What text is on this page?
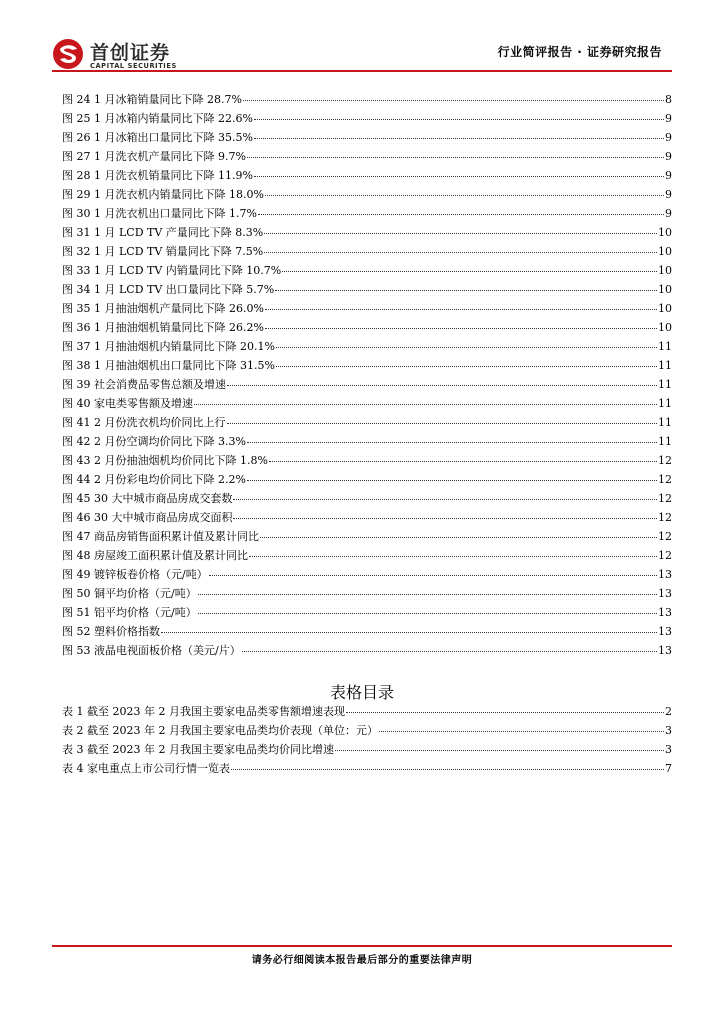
首创证券
CAPITAL SECURITIES
行业简评报告 · 证券研究报告
图 24 1 月冰箱销量同比下降 28.7%	8
图 25 1 月冰箱内销量同比下降 22.6%	9
图 26 1 月冰箱出口量同比下降 35.5%	9
图 27 1 月洗衣机产量同比下降 9.7%	9
图 28 1 月洗衣机销量同比下降 11.9%	9
图 29 1 月洗衣机内销量同比下降 18.0%	9
图 30 1 月洗衣机出口量同比下降 1.7%	9
图 31 1 月 LCD TV 产量同比下降 8.3%	10
图 32 1 月 LCD TV 销量同比下降 7.5%	10
图 33 1 月 LCD TV 内销量同比下降 10.7%	10
图 34 1 月 LCD TV 出口量同比下降 5.7%	10
图 35 1 月抽油烟机产量同比下降 26.0%	10
图 36 1 月抽油烟机销量同比下降 26.2%	10
图 37 1 月抽油烟机内销量同比下降 20.1%	11
图 38 1 月抽油烟机出口量同比下降 31.5%	11
图 39 社会消费品零售总额及增速	11
图 40 家电类零售额及增速	11
图 41 2 月份洗衣机均价同比上行	11
图 42 2 月份空调均价同比下降 3.3%	11
图 43 2 月份抽油烟机均价同比下降 1.8%	12
图 44 2 月份彩电均价同比下降 2.2%	12
图 45 30 大中城市商品房成交套数	12
图 46 30 大中城市商品房成交面积	12
图 47 商品房销售面积累计值及累计同比	12
图 48 房屋竣工面积累计值及累计同比	12
图 49 镀锌板卷价格（元/吨）	13
图 50 铜平均价格（元/吨）	13
图 51 铝平均价格（元/吨）	13
图 52 塑料价格指数	13
图 53 液晶电视面板价格（美元/片）	13
表格目录
表 1 截至 2023 年 2 月我国主要家电品类零售额增速表现	2
表 2 截至 2023 年 2 月我国主要家电品类均价表现（单位：元）	3
表 3 截至 2023 年 2 月我国主要家电品类均价同比增速	3
表 4 家电重点上市公司行情一览表	7
请务必行细阅读本报告最后部分的重要法律声明
